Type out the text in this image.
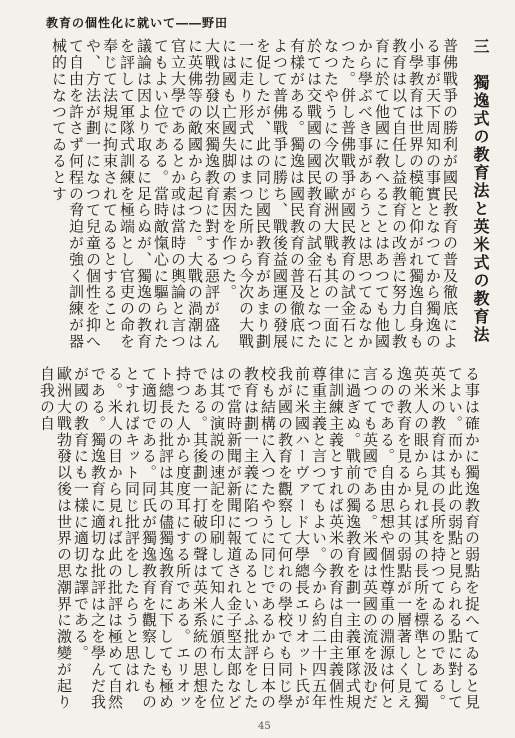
教育の個性化に就いて――野田

三　獨逸式の教育法と英米式の教育法

普佛戰爭の勝利が國民教育の普及徹底による事が天下周知の事實となつてから獨逸の小學教育は世界の模範と仰がれ獨逸自身も教育は以て自任し益教育の改善に努力し教育に於て他國に敎へることはあつても他國から學ぶべき事があらうとは思つてゐなかつた。併し普佛戰爭が國民教育の試金石となつたやうに今次の歐洲大戰も其の一面に於ては交戰國の國民教育の試金石となつた有樣がある。獨逸は國民教育の普及徹底によつて普佛戰爭に勝ち、戰後益國運の發展を促したが、此の同じ國民教育があまり劃一に走り形式にはまつた所から今次の大戰には國も亡國失脚の素因を作つた。

大戰勃發以來獨逸教育に對する惡評が盛んに英佛等の敵國から起つた。大戰の渦潮は官立大學であるとか或は當時の輿論と言つてもよい位である。當時敵愾心に驅られた議論は因より取るに足らぬが、獨逸の教育を評して軍隊式訓練を極端とし官吏の命を奉じて法規に拘束されてゐるとすることや、方法が劃一になつて兒童の個性を抑へて自由を許さず何程の脅迫が強く訓練が器械的になつてゐるとす

る事は確かに獨逸教育の弱點を捉へてゐると見てよい。而かも此の弱點と見られる點に對して英米の教育は其の長所を持つてゐるのである。英米人の眼から見れば其の長所を標準として獨逸の教育を見るから其の弱點が一層著しく見えるのである。自由思想や個性尊重の淵源は何と言つても英國である。米國は英國の流を汲むだに過ぎぬ。戰前の獨逸教育を劃一主義軍隊式規律訓練主義とすれば英米の教育は自由主義個性尊重主義と言つてもよい。今から約二十四五年前に米國ハーヴァード大學總長エリオット氏が我が國の教育を觀察して何れの學校でも同じ學校も結構に入つたやうに同じであるから日本の教育は劃一主義に陷つてゐるといふ批評をしたので當時新聞が新聞に報道され金子堅太郎などは其の演説の速記を印刷して知人に頒布した位である。其後劃一打破の聲は英米系統の思想を持つた人から度度耳にする所である。エリオット總長の批評は其の儘獨逸教育に下しても極めて適切である。同氏が獨逸教育を觀察したものとすればキット同じ批評をしたらうと思はれる。米人の目から見れば此の批評は極めて自然である。獨逸教育に適切な批評は之を學んだ我が國の教育にも一樣に適切な譯である。

歐洲大戰勃發以後は世界の思潮界に激變が起り自我の自

45
